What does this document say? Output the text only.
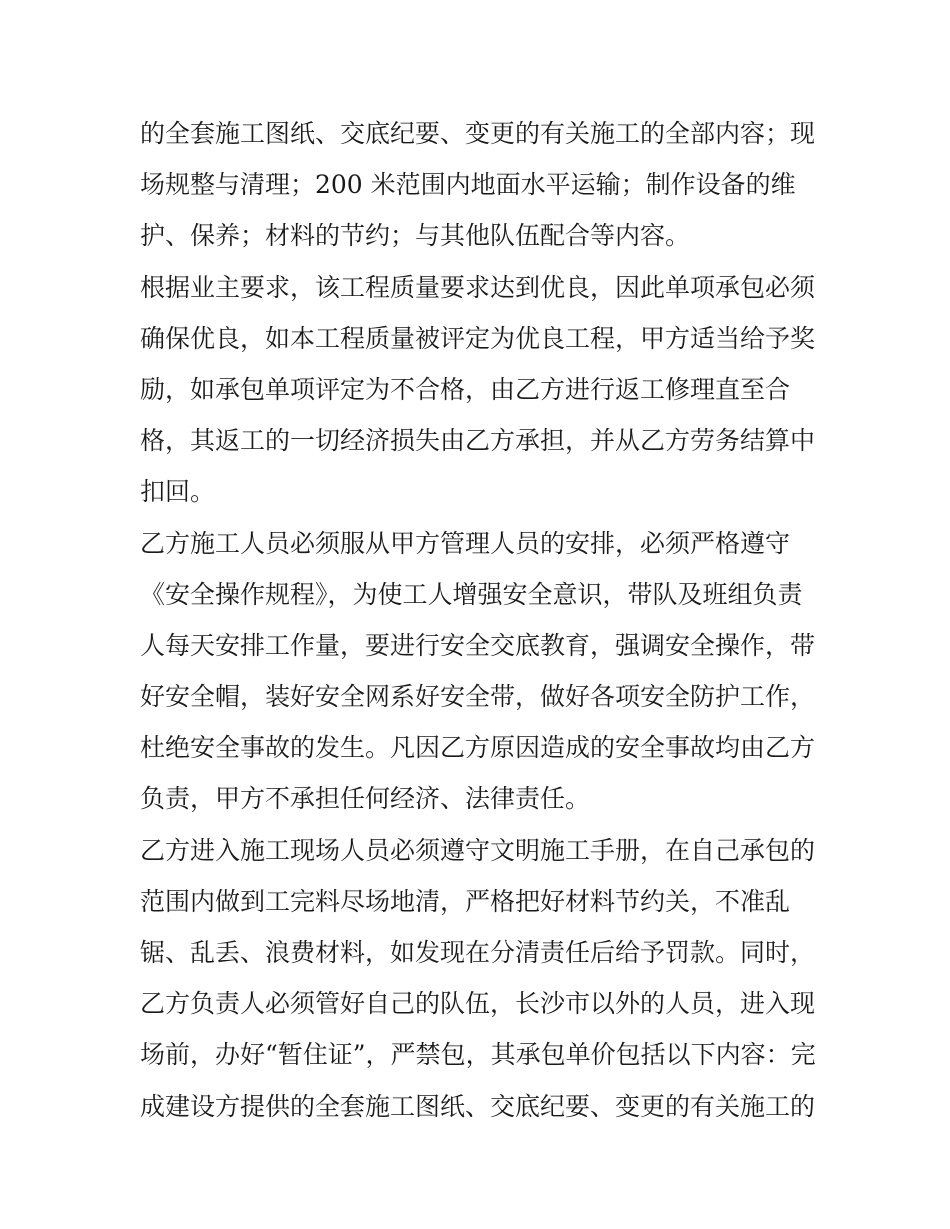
的全套施工图纸、交底纪要、变更的有关施工的全部内容；现
场规整与清理；200 米范围内地面水平运输；制作设备的维
护、保养；材料的节约；与其他队伍配合等内容。
根据业主要求，该工程质量要求达到优良，因此单项承包必须
确保优良，如本工程质量被评定为优良工程，甲方适当给予奖
励，如承包单项评定为不合格，由乙方进行返工修理直至合
格，其返工的一切经济损失由乙方承担，并从乙方劳务结算中
扣回。
乙方施工人员必须服从甲方管理人员的安排，必须严格遵守
《安全操作规程》，为使工人增强安全意识，带队及班组负责
人每天安排工作量，要进行安全交底教育，强调安全操作，带
好安全帽，装好安全网系好安全带，做好各项安全防护工作，
杜绝安全事故的发生。凡因乙方原因造成的安全事故均由乙方
负责，甲方不承担任何经济、法律责任。
乙方进入施工现场人员必须遵守文明施工手册，在自己承包的
范围内做到工完料尽场地清，严格把好材料节约关，不准乱
锯、乱丢、浪费材料，如发现在分清责任后给予罚款。同时，
乙方负责人必须管好自己的队伍，长沙市以外的人员，进入现
场前，办好“暂住证”，严禁包，其承包单价包括以下内容：完
成建设方提供的全套施工图纸、交底纪要、变更的有关施工的
